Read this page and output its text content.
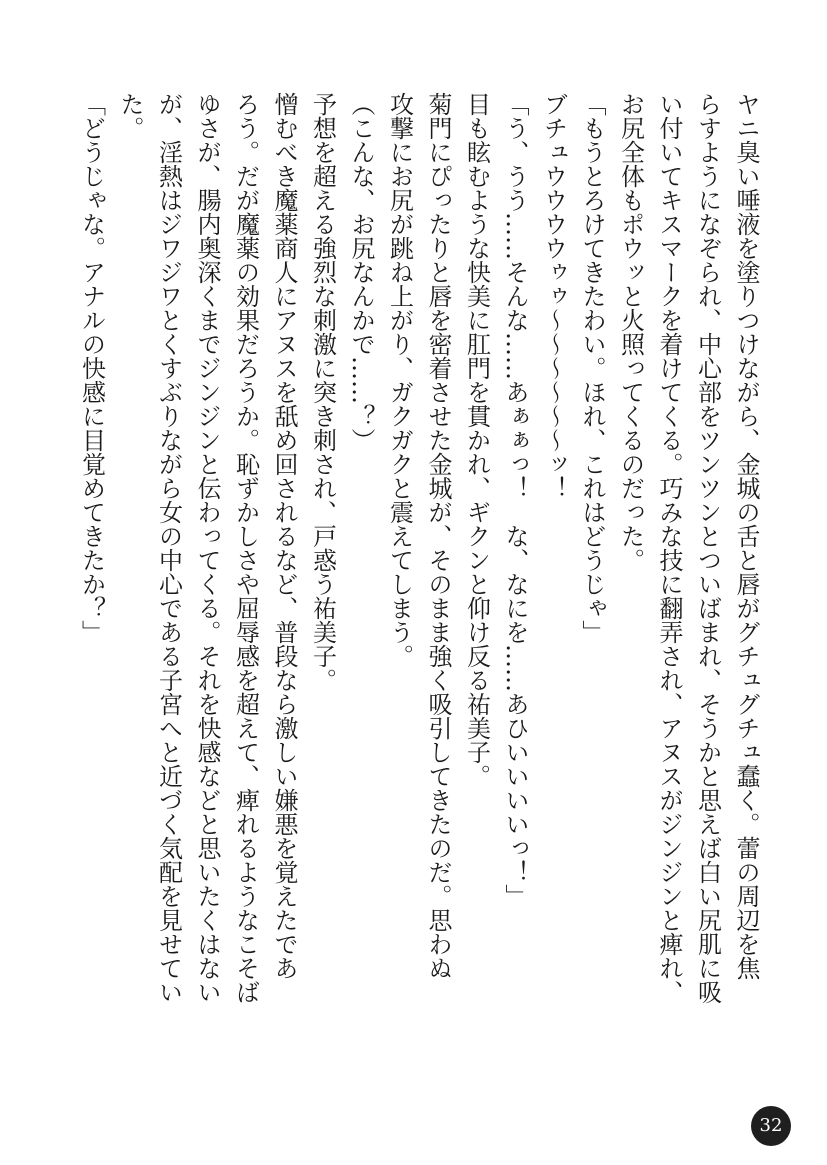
ヤニ臭い唾液を塗りつけながら、金城の舌と唇がグチュグチュ蠢く。蕾の周辺を焦
らすようになぞられ、中心部をツンツンとついばまれ、そうかと思えば白い尻肌に吸
い付いてキスマークを着けてくる。巧みな技に翻弄され、アヌスがジンジンと痺れ、
お尻全体もポウッと火照ってくるのだった。
「もうとろけてきたわい。ほれ、これはどうじゃ」
ブチュウウウウゥゥ〜〜〜〜〜〜ッ！
「う、うう……そんな……あぁぁっ！　な、なにを……あひいいいいっ！」
目も眩むような快美に肛門を貫かれ、ギクンと仰け反る祐美子。
菊門にぴったりと唇を密着させた金城が、そのまま強く吸引してきたのだ。思わぬ
攻撃にお尻が跳ね上がり、ガクガクと震えてしまう。
（こんな、お尻なんかで……？）
予想を超える強烈な刺激に突き刺され、戸惑う祐美子。
憎むべき魔薬商人にアヌスを舐め回されるなど、普段なら激しい嫌悪を覚えたであ
ろう。だが魔薬の効果だろうか。恥ずかしさや屈辱感を超えて、痺れるようなこそば
ゆさが、腸内奥深くまでジンジンと伝わってくる。それを快感などと思いたくはない
が、淫熱はジワジワとくすぶりながら女の中心である子宮へと近づく気配を見せてい
た。
「どうじゃな。アナルの快感に目覚めてきたか？」
32
